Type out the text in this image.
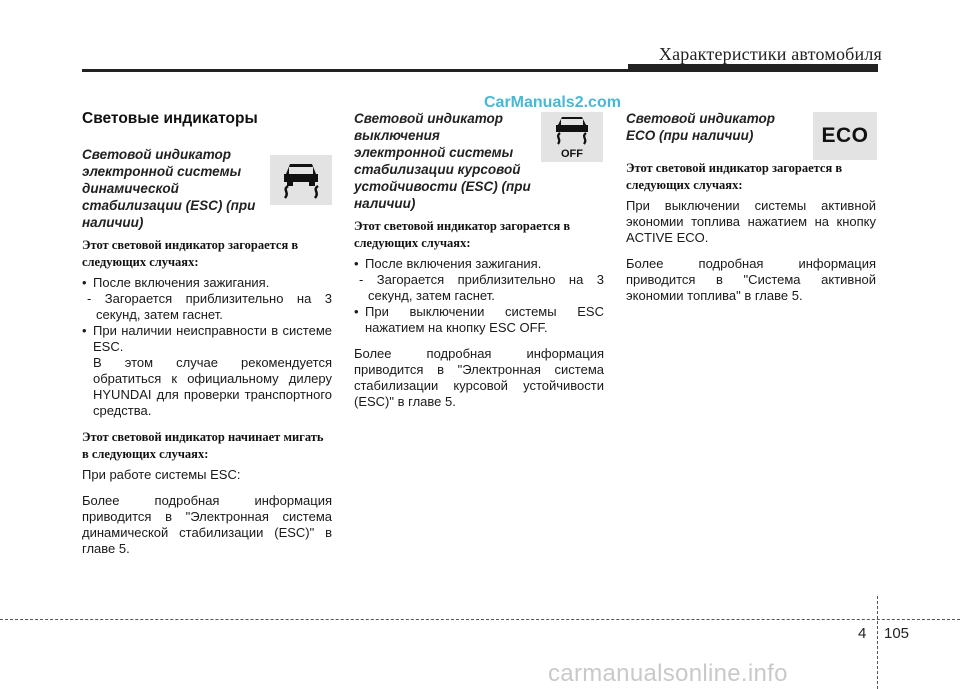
Характеристики автомобиля
CarManuals2.com

Световые индикаторы

Световой индикатор электронной системы динамической стабилизации (ESC) (при наличии)

Этот световой индикатор загорается в следующих случаях:

• После включения зажигания.
- Загорается приблизительно на 3 секунд, затем гаснет.
• При наличии неисправности в системе ESC.
В этом случае рекомендуется обратиться к официальному дилеру HYUNDAI для проверки транспортного средства.

Этот световой индикатор начинает мигать в следующих случаях:

При работе системы ESC:

Более подробная информация приводится в "Электронная система динамической стабилизации (ESC)" в главе 5.

Световой индикатор выключения электронной системы стабилизации курсовой устойчивости (ESC) (при наличии)

Этот световой индикатор загорается в следующих случаях:

• После включения зажигания.
- Загорается приблизительно на 3 секунд, затем гаснет.
• При выключении системы ESC нажатием на кнопку ESC OFF.

Более подробная информация приводится в "Электронная система стабилизации курсовой устойчивости (ESC)" в главе 5.

OFF

Световой индикатор ECO (при наличии)

Этот световой индикатор загорается в следующих случаях:

При выключении системы активной экономии топлива нажатием на кнопку ACTIVE ECO.

Более подробная информация приводится в "Система активной экономии топлива" в главе 5.

ECO
4 105
carmanualsonline.info
